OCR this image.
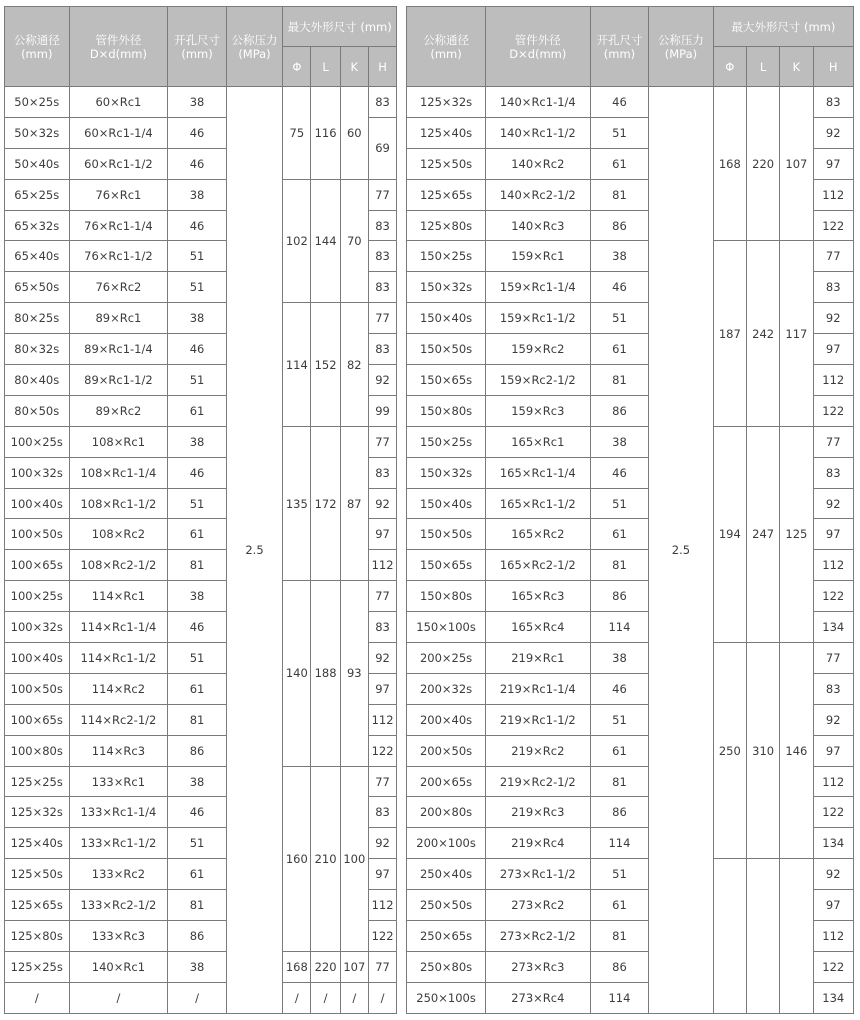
公称通径
(mm)	管件外径
D×d(mm)	开孔尺寸
(mm)	公称压力
(MPa)	最大外形尺寸 (mm)					公称通径
(mm)	管件外径
D×d(mm)	开孔尺寸
(mm)	公称压力
(MPa)	最大外形尺寸 (mm)			
				Φ	L	K	H						Φ	L	K	H
50×25s	60×Rc1	38	2.5	75	116	60	83		125×32s	140×Rc1-1/4	46	2.5	168	220	107	83
50×32s	60×Rc1-1/4	46					69		125×40s	140×Rc1-1/2	51					92
50×40s	60×Rc1-1/2	46							125×50s	140×Rc2	61					97
65×25s	76×Rc1	38		102	144	70	77		125×65s	140×Rc2-1/2	81					112
65×32s	76×Rc1-1/4	46					83		125×80s	140×Rc3	86					122
65×40s	76×Rc1-1/2	51					83		150×25s	159×Rc1	38		187	242	117	77
65×50s	76×Rc2	51					83		150×32s	159×Rc1-1/4	46					83
80×25s	89×Rc1	38		114	152	82	77		150×40s	159×Rc1-1/2	51					92
80×32s	89×Rc1-1/4	46					83		150×50s	159×Rc2	61					97
80×40s	89×Rc1-1/2	51					92		150×65s	159×Rc2-1/2	81					112
80×50s	89×Rc2	61					99		150×80s	159×Rc3	86					122
100×25s	108×Rc1	38		135	172	87	77		150×25s	165×Rc1	38		194	247	125	77
100×32s	108×Rc1-1/4	46					83		150×32s	165×Rc1-1/4	46					83
100×40s	108×Rc1-1/2	51					92		150×40s	165×Rc1-1/2	51					92
100×50s	108×Rc2	61					97		150×50s	165×Rc2	61					97
100×65s	108×Rc2-1/2	81					112		150×65s	165×Rc2-1/2	81					112
100×25s	114×Rc1	38		140	188	93	77		150×80s	165×Rc3	86					122
100×32s	114×Rc1-1/4	46					83		150×100s	165×Rc4	114					134
100×40s	114×Rc1-1/2	51					92		200×25s	219×Rc1	38		250	310	146	77
100×50s	114×Rc2	61					97		200×32s	219×Rc1-1/4	46					83
100×65s	114×Rc2-1/2	81					112		200×40s	219×Rc1-1/2	51					92
100×80s	114×Rc3	86					122		200×50s	219×Rc2	61					97
125×25s	133×Rc1	38		160	210	100	77		200×65s	219×Rc2-1/2	81					112
125×32s	133×Rc1-1/4	46					83		200×80s	219×Rc3	86					122
125×40s	133×Rc1-1/2	51					92		200×100s	219×Rc4	114					134
125×50s	133×Rc2	61					97		250×40s	273×Rc1-1/2	51					92
125×65s	133×Rc2-1/2	81					112		250×50s	273×Rc2	61					97
125×80s	133×Rc3	86					122		250×65s	273×Rc2-1/2	81					112
125×25s	140×Rc1	38		168	220	107	77		250×80s	273×Rc3	86					122
/	/	/		/	/	/	/		250×100s	273×Rc4	114					134
